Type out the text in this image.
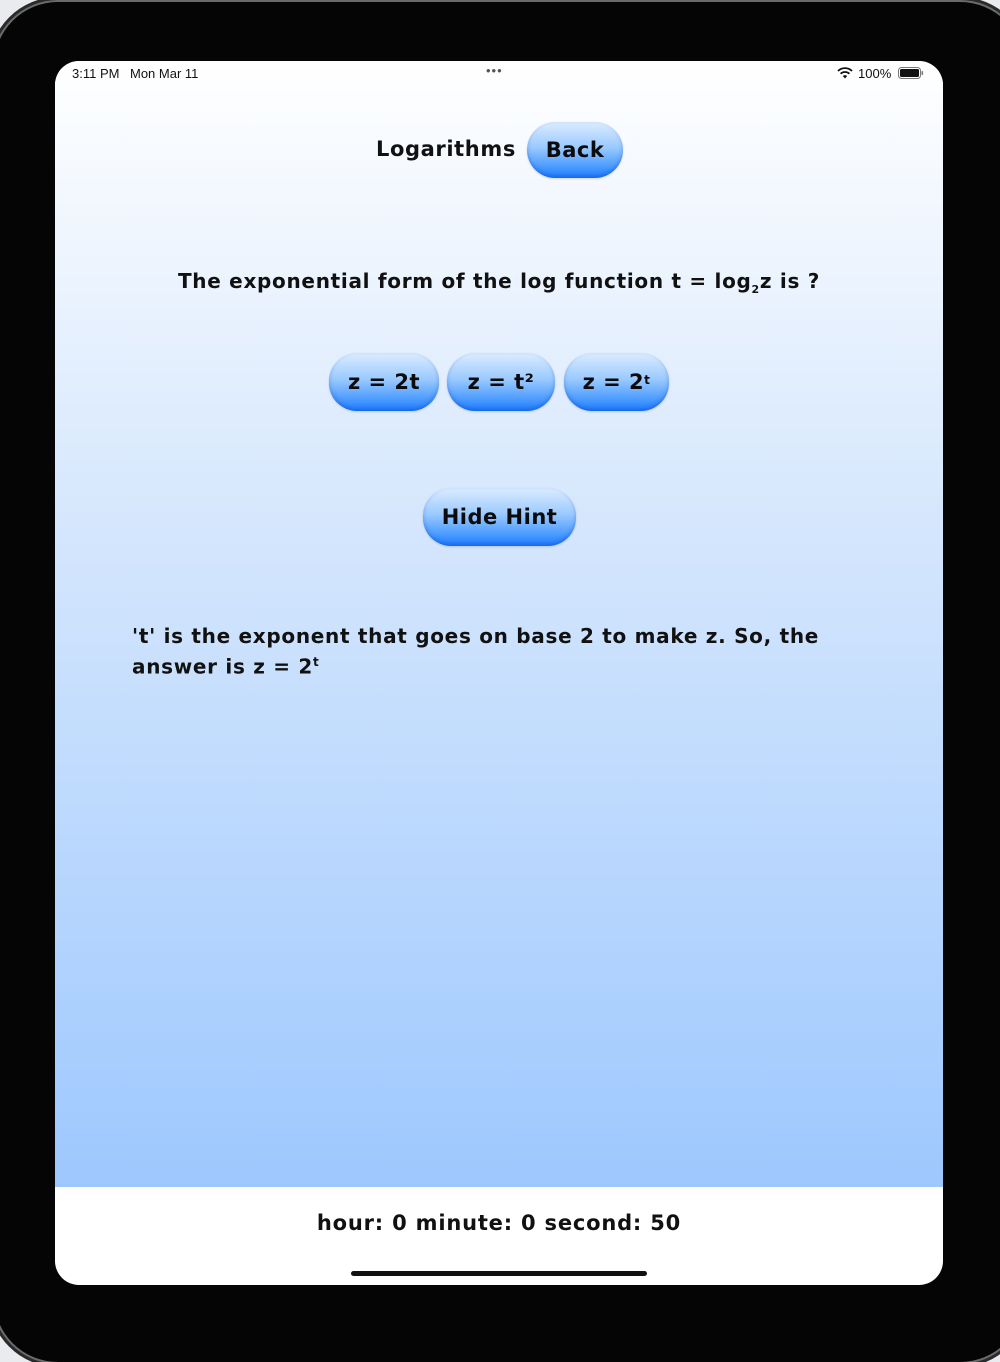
3:11 PM Mon Mar 11	•••	100%
Logarithms	Back
The exponential form of the log function $t = \log_2z$ is ?
z = 2t z = t² $z = 2^t$
Hide Hint
't' is the exponent that goes on base 2 to make z. So, the answer is $z = 2^t$
hour: 0 minute: 0 second: 50
